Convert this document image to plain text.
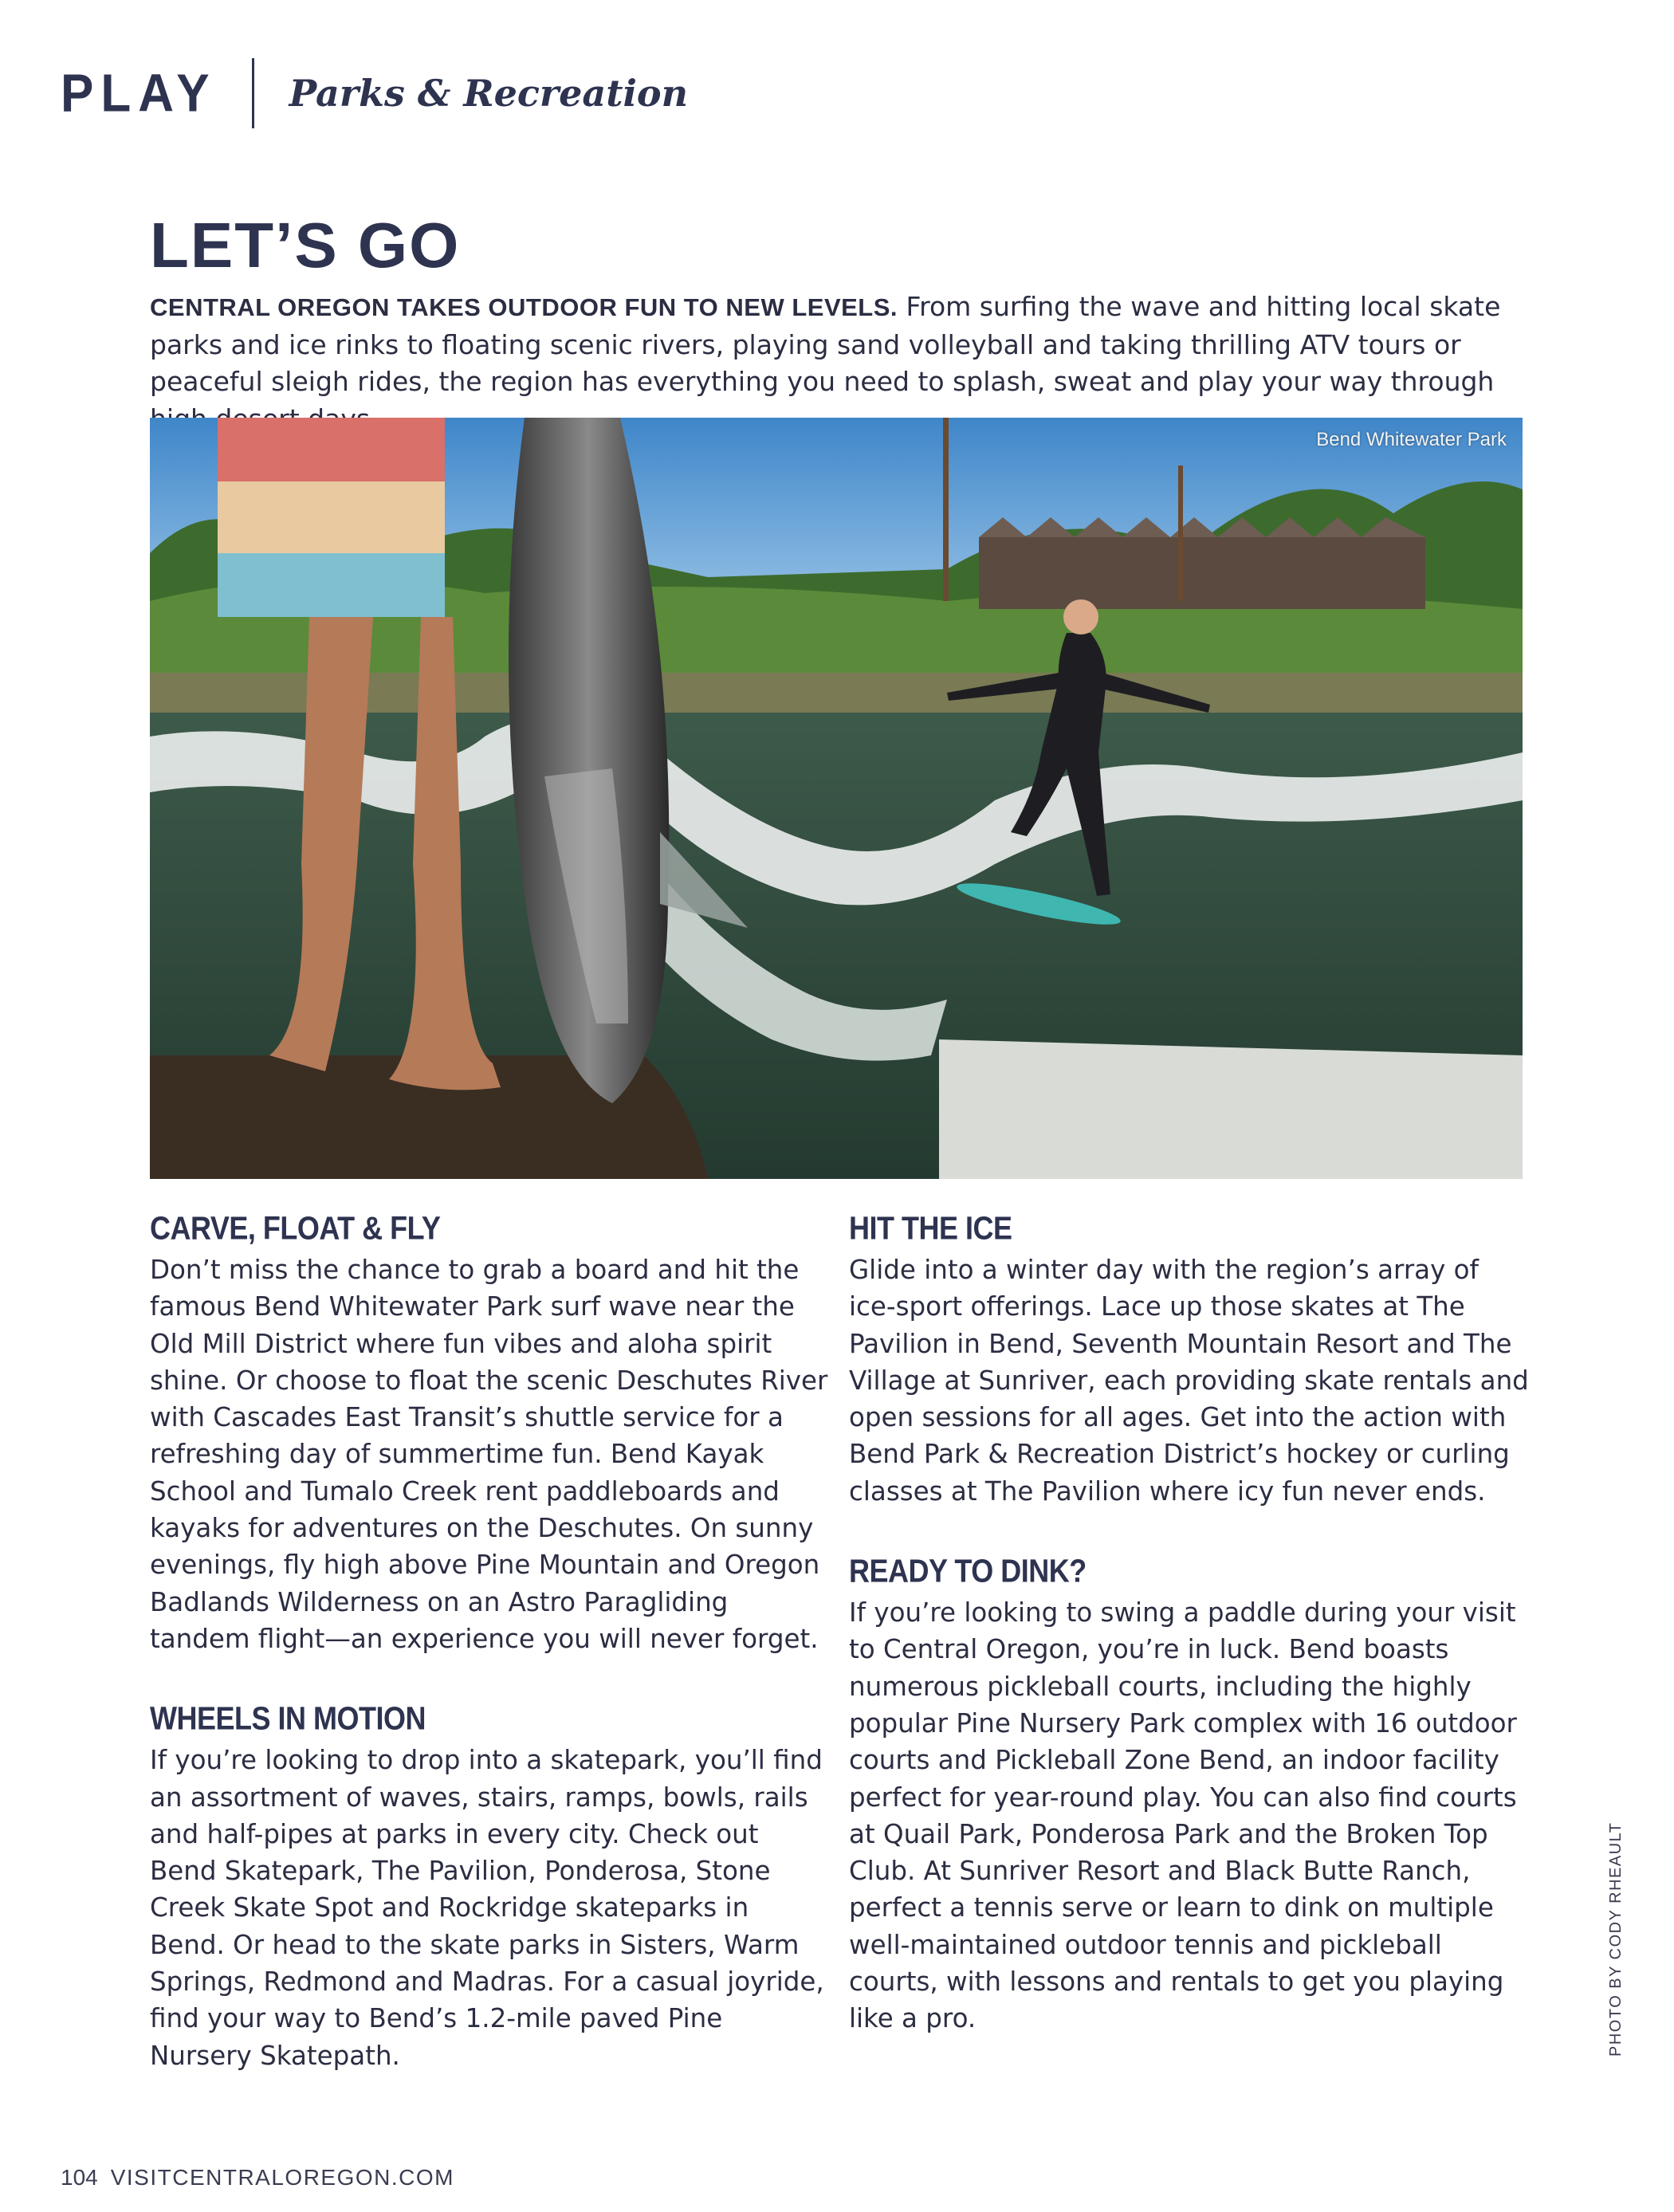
PLAY Parks & Recreation
LET’S GO

CENTRAL OREGON TAKES OUTDOOR FUN TO NEW LEVELS. From surfing the wave and hitting local skate parks and ice rinks to floating scenic rivers, playing sand volleyball and taking thrilling ATV tours or peaceful sleigh rides, the region has everything you need to splash, sweat and play your way through

Bend Whitewater Park
CARVE, FLOAT & FLY

Don’t miss the chance to grab a board and hit the famous Bend Whitewater Park surf wave near the Old Mill District where fun vibes and aloha spirit shine. Or choose to float the scenic Deschutes River with Cascades East Transit’s shuttle service for a refreshing day of summertime fun. Bend Kayak School and Tumalo Creek rent paddleboards and kayaks for adventures on the Deschutes. On sunny evenings, fly high above Pine Mountain and Oregon Badlands Wilderness on an Astro Paragliding tandem flight—an experience you will never forget.

WHEELS IN MOTION

If you’re looking to drop into a skatepark, you’ll find an assortment of waves, stairs, ramps, bowls, rails and half-pipes at parks in every city. Check out Bend Skatepark, The Pavilion, Ponderosa, Stone Creek Skate Spot and Rockridge skateparks in Bend. Or head to the skate parks in Sisters, Warm Springs, Redmond and Madras. For a casual joyride, find your way to Bend’s 1.2-mile paved Pine Nursery Skatepath.

HIT THE ICE

Glide into a winter day with the region’s array of ice-sport offerings. Lace up those skates at The Pavilion in Bend, Seventh Mountain Resort and The Village at Sunriver, each providing skate rentals and open sessions for all ages. Get into the action with Bend Park & Recreation District’s hockey or curling classes at The Pavilion where icy fun never ends.

READY TO DINK?

If you’re looking to swing a paddle during your visit to Central Oregon, you’re in luck. Bend boasts numerous pickleball courts, including the highly popular Pine Nursery Park complex with 16 outdoor courts and Pickleball Zone Bend, an indoor facility perfect for year-round play. You can also find courts at Quail Park, Ponderosa Park and the Broken Top Club. At Sunriver Resort and Black Butte Ranch, perfect a tennis serve or learn to dink on multiple well-maintained outdoor tennis and pickleball courts, with lessons and rentals to get you playing like a pro.	PHOTO BY CODY RHEAULT
104 VISITCENTRALOREGON.COM
